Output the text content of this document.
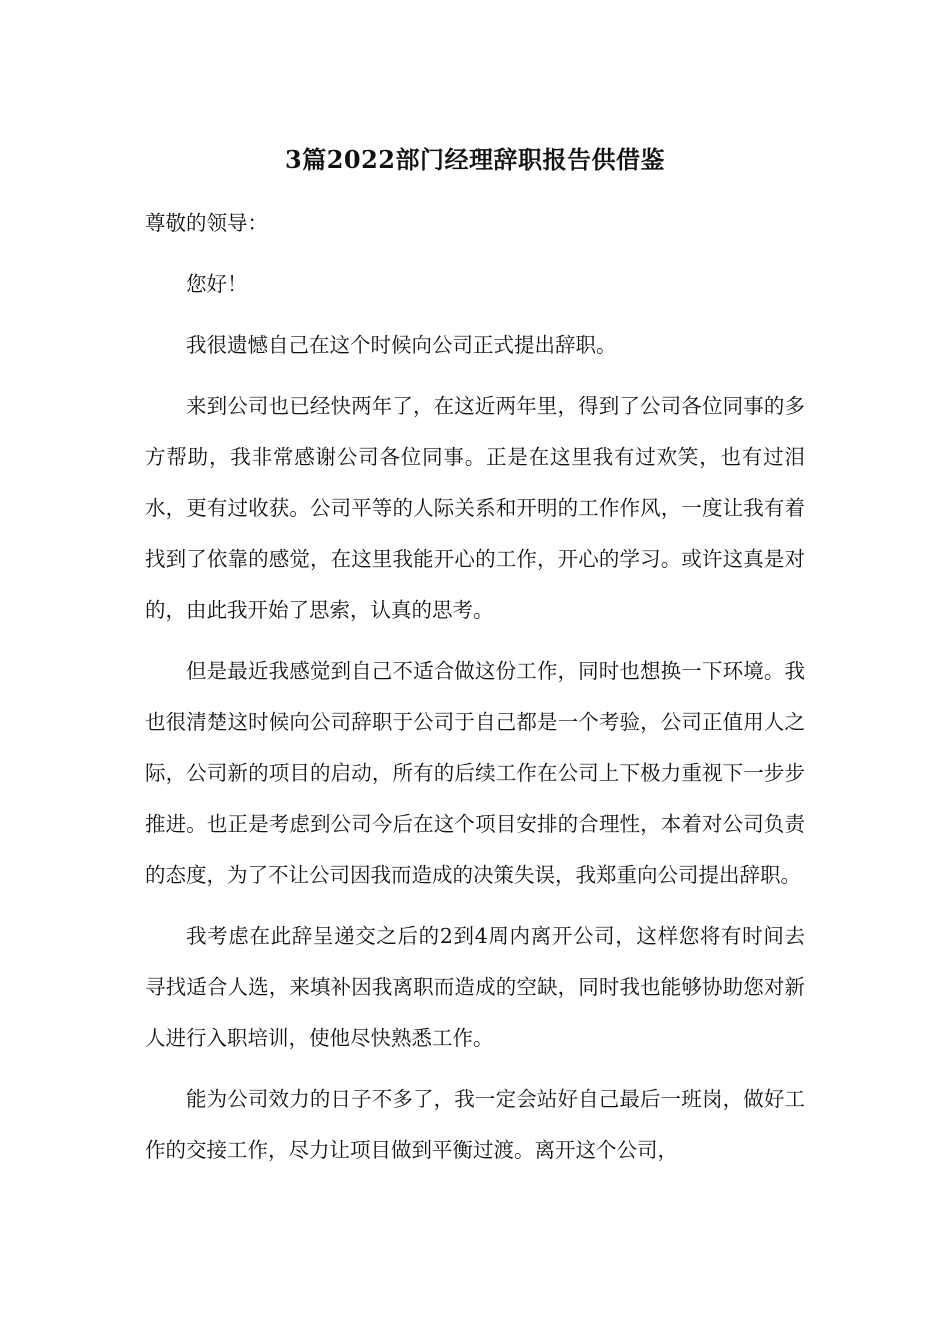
3篇2022部门经理辞职报告供借鉴

尊敬的领导：

您好！

我很遗憾自己在这个时候向公司正式提出辞职。

来到公司也已经快两年了，在这近两年里，得到了公司各位同事的多方帮助，我非常感谢公司各位同事。正是在这里我有过欢笑，也有过泪水，更有过收获。公司平等的人际关系和开明的工作作风，一度让我有着找到了依靠的感觉，在这里我能开心的工作，开心的学习。或许这真是对的，由此我开始了思索，认真的思考。

但是最近我感觉到自己不适合做这份工作，同时也想换一下环境。我也很清楚这时候向公司辞职于公司于自己都是一个考验，公司正值用人之际，公司新的项目的启动，所有的后续工作在公司上下极力重视下一步步推进。也正是考虑到公司今后在这个项目安排的合理性，本着对公司负责的态度，为了不让公司因我而造成的决策失误，我郑重向公司提出辞职。

我考虑在此辞呈递交之后的2到4周内离开公司，这样您将有时间去寻找适合人选，来填补因我离职而造成的空缺，同时我也能够协助您对新人进行入职培训，使他尽快熟悉工作。

能为公司效力的日子不多了，我一定会站好自己最后一班岗，做好工作的交接工作，尽力让项目做到平衡过渡。离开这个公司，
